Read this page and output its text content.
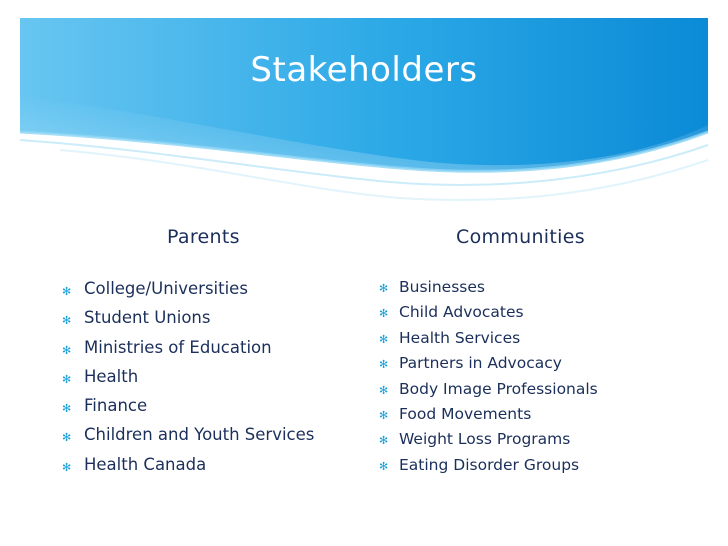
Stakeholders
Parents	Communities
✻ College/Universities
✻ Student Unions
✻ Ministries of Education
✻ Health
✻ Finance
✻ Children and Youth Services
✻ Health Canada
✻ Businesses
✻ Child Advocates
✻ Health Services
✻ Partners in Advocacy
✻ Body Image Professionals
✻ Food Movements
✻ Weight Loss Programs
✻ Eating Disorder Groups
